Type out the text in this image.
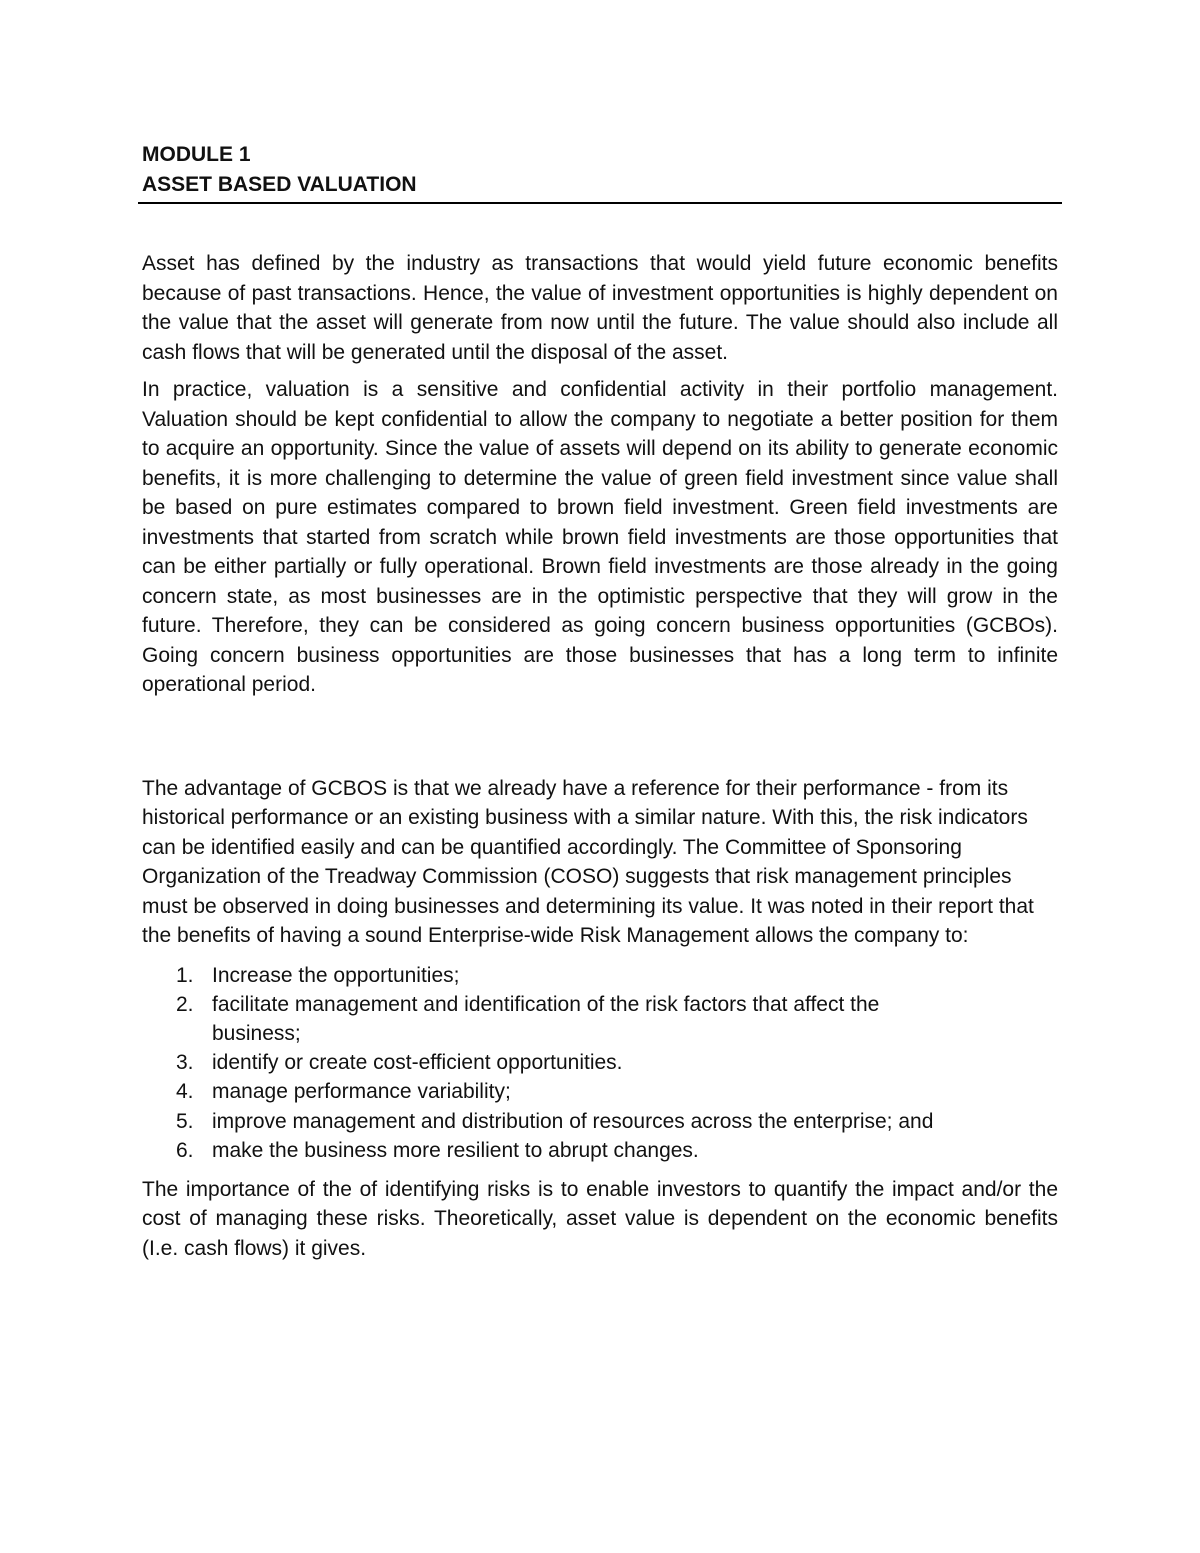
MODULE 1
ASSET BASED VALUATION

Asset has defined by the industry as transactions that would yield future economic benefits because of past transactions. Hence, the value of investment opportunities is highly dependent on the value that the asset will generate from now until the future. The value should also include all cash flows that will be generated until the disposal of the asset.

In practice, valuation is a sensitive and confidential activity in their portfolio management. Valuation should be kept confidential to allow the company to negotiate a better position for them to acquire an opportunity. Since the value of assets will depend on its ability to generate economic benefits, it is more challenging to determine the value of green field investment since value shall be based on pure estimates compared to brown field investment. Green field investments are investments that started from scratch while brown field investments are those opportunities that can be either partially or fully operational. Brown field investments are those already in the going concern state, as most businesses are in the optimistic perspective that they will grow in the future. Therefore, they can be considered as going concern business opportunities (GCBOs). Going concern business opportunities are those businesses that has a long term to infinite operational period.

The advantage of GCBOS is that we already have a reference for their performance - from its historical performance or an existing business with a similar nature. With this, the risk indicators can be identified easily and can be quantified accordingly. The Committee of Sponsoring Organization of the Treadway Commission (COSO) suggests that risk management principles must be observed in doing businesses and determining its value. It was noted in their report that the benefits of having a sound Enterprise-wide Risk Management allows the company to:

1. Increase the opportunities;
2. facilitate management and identification of the risk factors that affect the business;
3. identify or create cost-efficient opportunities.
4. manage performance variability;
5. improve management and distribution of resources across the enterprise; and
6. make the business more resilient to abrupt changes.

The importance of the of identifying risks is to enable investors to quantify the impact and/or the cost of managing these risks. Theoretically, asset value is dependent on the economic benefits (I.e. cash flows) it gives.
